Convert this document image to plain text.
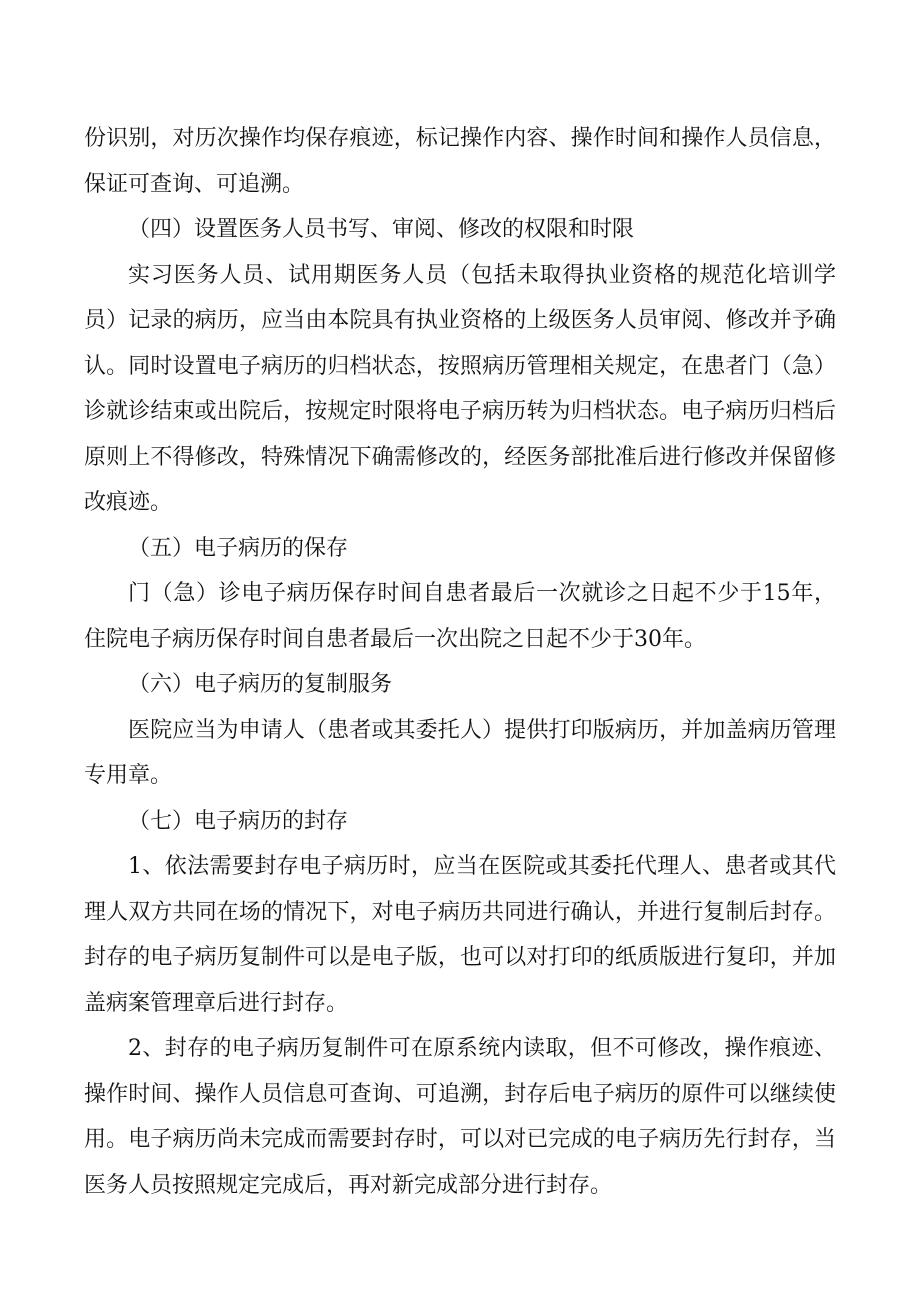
份识别，对历次操作均保存痕迹，标记操作内容、操作时间和操作人员信息，保证可查询、可追溯。

（四）设置医务人员书写、审阅、修改的权限和时限

实习医务人员、试用期医务人员（包括未取得执业资格的规范化培训学员）记录的病历，应当由本院具有执业资格的上级医务人员审阅、修改并予确认。同时设置电子病历的归档状态，按照病历管理相关规定，在患者门（急）诊就诊结束或出院后，按规定时限将电子病历转为归档状态。电子病历归档后原则上不得修改，特殊情况下确需修改的，经医务部批准后进行修改并保留修改痕迹。

（五）电子病历的保存

门（急）诊电子病历保存时间自患者最后一次就诊之日起不少于15年，住院电子病历保存时间自患者最后一次出院之日起不少于30年。

（六）电子病历的复制服务

医院应当为申请人（患者或其委托人）提供打印版病历，并加盖病历管理专用章。

（七）电子病历的封存

1、依法需要封存电子病历时，应当在医院或其委托代理人、患者或其代理人双方共同在场的情况下，对电子病历共同进行确认，并进行复制后封存。封存的电子病历复制件可以是电子版，也可以对打印的纸质版进行复印，并加盖病案管理章后进行封存。

2、封存的电子病历复制件可在原系统内读取，但不可修改，操作痕迹、操作时间、操作人员信息可查询、可追溯，封存后电子病历的原件可以继续使用。电子病历尚未完成而需要封存时，可以对已完成的电子病历先行封存，当医务人员按照规定完成后，再对新完成部分进行封存。
